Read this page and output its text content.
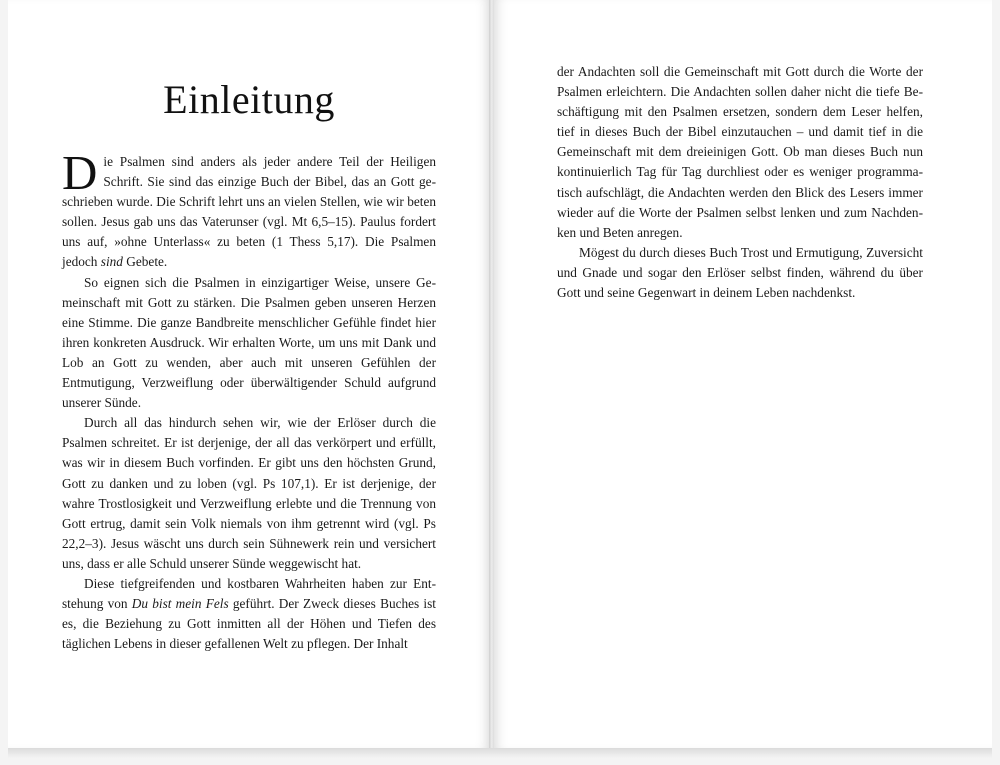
Einleitung

Die Psalmen sind anders als jeder andere Teil der Heiligen Schrift. Sie sind das einzige Buch der Bibel, das an Gott geschrieben wurde. Die Schrift lehrt uns an vielen Stellen, wie wir beten sollen. Jesus gab uns das Vaterunser (vgl. Mt 6,5–15). Paulus fordert uns auf, »ohne Unterlass« zu beten (1 Thess 5,17). Die Psalmen jedoch sind Gebete.

So eignen sich die Psalmen in einzigartiger Weise, unsere Gemeinschaft mit Gott zu stärken. Die Psalmen geben unseren Herzen eine Stimme. Die ganze Bandbreite menschlicher Gefühle findet hier ihren konkreten Ausdruck. Wir erhalten Worte, um uns mit Dank und Lob an Gott zu wenden, aber auch mit unseren Gefühlen der Entmutigung, Verzweiflung oder überwältigender Schuld aufgrund unserer Sünde.

Durch all das hindurch sehen wir, wie der Erlöser durch die Psalmen schreitet. Er ist derjenige, der all das verkörpert und erfüllt, was wir in diesem Buch vorfinden. Er gibt uns den höchsten Grund, Gott zu danken und zu loben (vgl. Ps 107,1). Er ist derjenige, der wahre Trostlosigkeit und Verzweiflung erlebte und die Trennung von Gott ertrug, damit sein Volk niemals von ihm getrennt wird (vgl. Ps 22,2–3). Jesus wäscht uns durch sein Sühnewerk rein und versichert uns, dass er alle Schuld unserer Sünde weggewischt hat.

Diese tiefgreifenden und kostbaren Wahrheiten haben zur Entstehung von Du bist mein Fels geführt. Der Zweck dieses Buches ist es, die Beziehung zu Gott inmitten all der Höhen und Tiefen des täglichen Lebens in dieser gefallenen Welt zu pflegen. Der Inhalt

der Andachten soll die Gemeinschaft mit Gott durch die Worte der Psalmen erleichtern. Die Andachten sollen daher nicht die tiefe Beschäftigung mit den Psalmen ersetzen, sondern dem Leser helfen, tief in dieses Buch der Bibel einzutauchen – und damit tief in die Gemeinschaft mit dem dreieinigen Gott. Ob man dieses Buch nun kontinuierlich Tag für Tag durchliest oder es weniger programmatisch aufschlägt, die Andachten werden den Blick des Lesers immer wieder auf die Worte der Psalmen selbst lenken und zum Nachdenken und Beten anregen.

Mögest du durch dieses Buch Trost und Ermutigung, Zuversicht und Gnade und sogar den Erlöser selbst finden, während du über Gott und seine Gegenwart in deinem Leben nachdenkst.
